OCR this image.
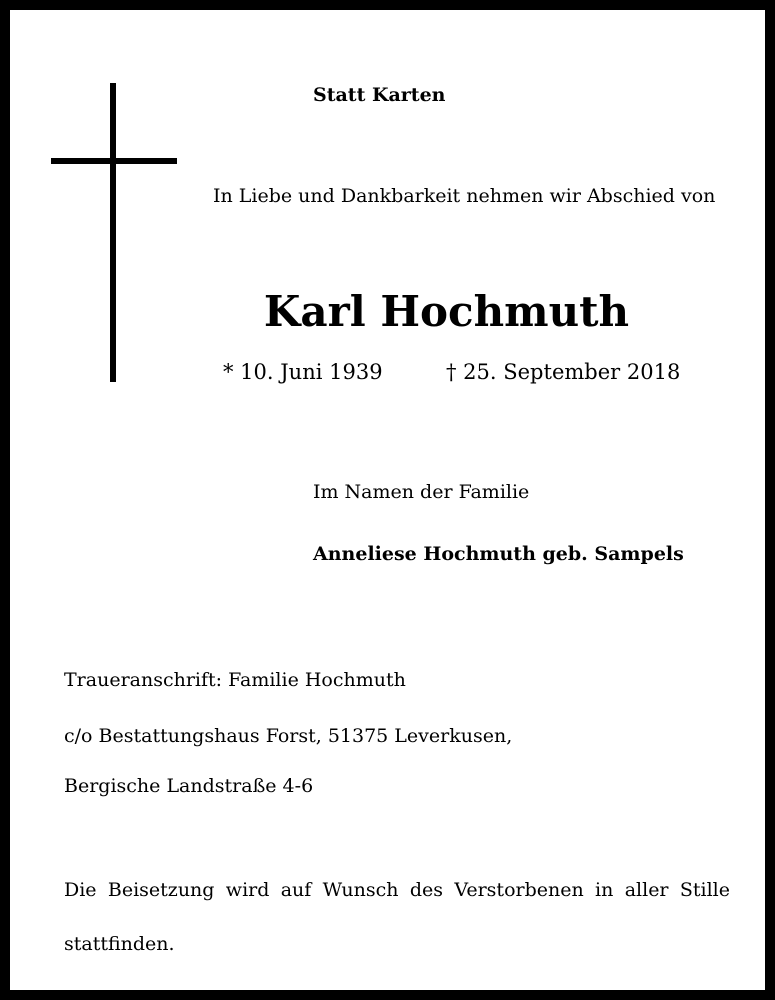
Statt Karten
In Liebe und Dankbarkeit nehmen wir Abschied von
Karl Hochmuth
* 10. Juni 1939	† 25. September 2018
Im Namen der Familie
Anneliese Hochmuth geb. Sampels
Traueranschrift: Familie Hochmuth
c/o Bestattungshaus Forst, 51375 Leverkusen,
Bergische Landstraße 4-6
Die Beisetzung wird auf Wunsch des Verstorbenen in aller Stille
stattfinden.
